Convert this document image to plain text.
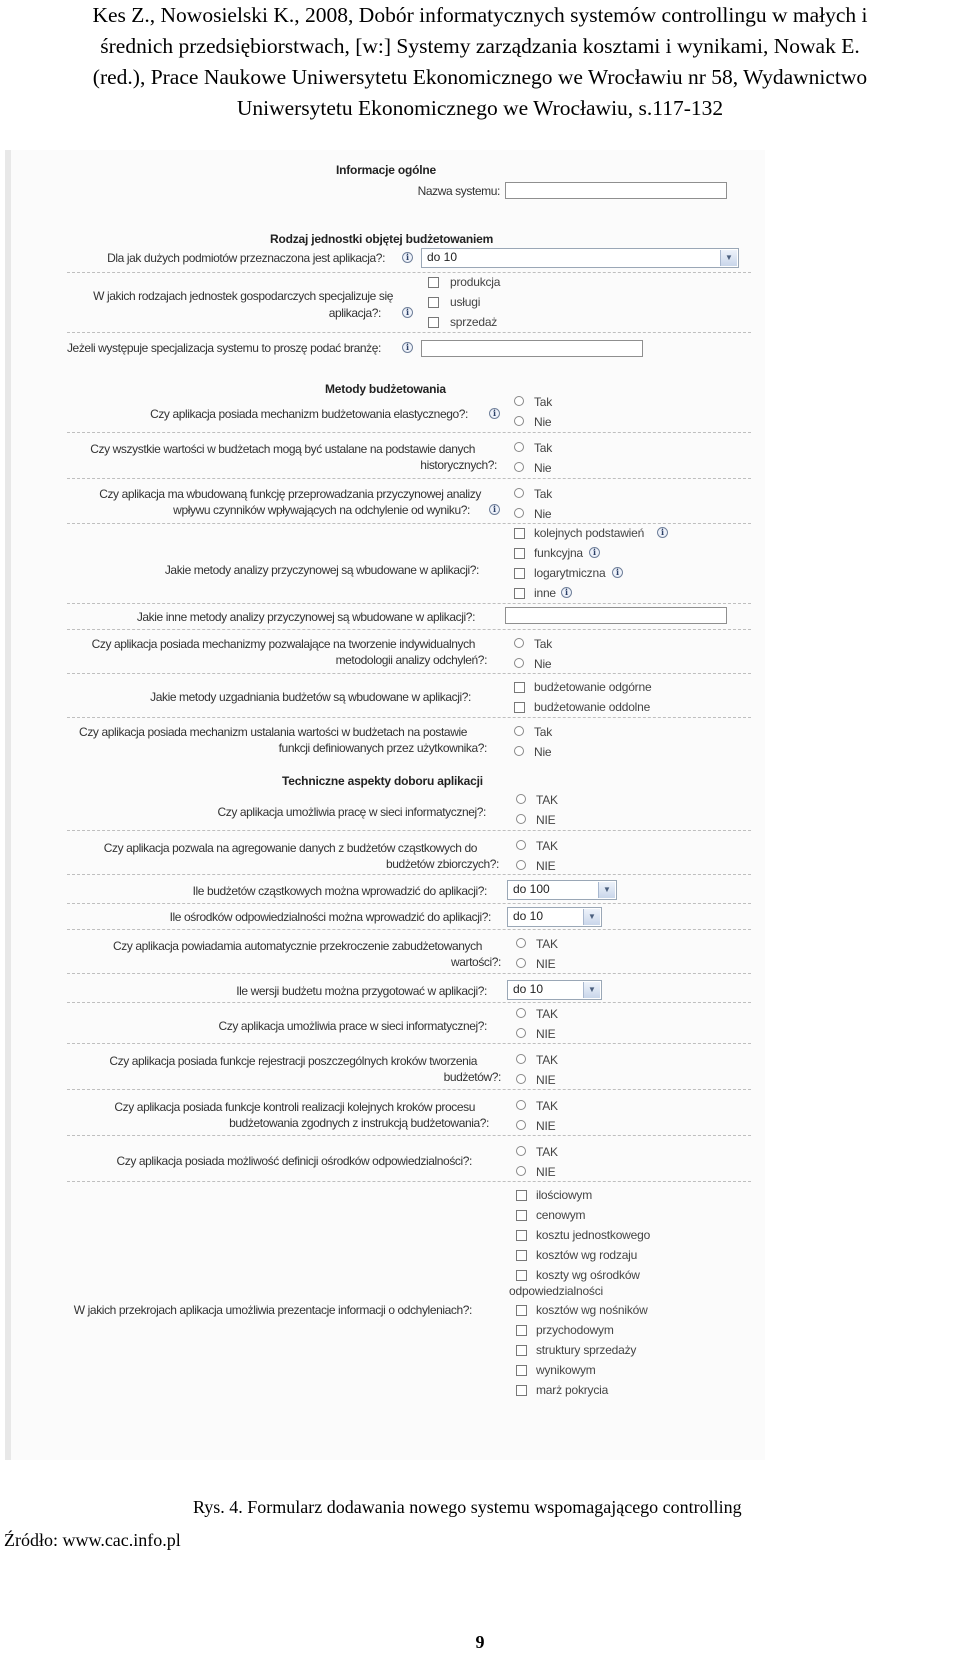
Kes Z., Nowosielski K., 2008, Dobór informatycznych systemów controllingu w małych i
średnich przedsiębiorstwach, [w:] Systemy zarządzania kosztami i wynikami, Nowak E.
(red.), Prace Naukowe Uniwersytetu Ekonomicznego we Wrocławiu nr 58, Wydawnictwo
Uniwersytetu Ekonomicznego we Wrocławiu, s.117-132
Informacje ogólne
Nazwa systemu:
Rodzaj jednostki objętej budżetowaniem
Dla jak dużych podmiotów przeznaczona jest aplikacja?:	i	do 10	▼
W jakich rodzajach jednostek gospodarczych specjalizuje się
aplikacja?:	i
produkcja
usługi
sprzedaż
Jeżeli występuje specjalizacja systemu to proszę podać branżę:	i
Metody budżetowania
Czy aplikacja posiada mechanizm budżetowania elastycznego?:	i
Tak
Nie
Czy wszystkie wartości w budżetach mogą być ustalane na podstawie danych
historycznych?:
Tak
Nie
Czy aplikacja ma wbudowaną funkcję przeprowadzania przyczynowej analizy
wpływu czynników wpływających na odchylenie od wyniku?:	i
Tak
Nie
Jakie metody analizy przyczynowej są wbudowane w aplikacji?:
kolejnych podstawień	i
funkcyjna	i
logarytmiczna	i
inne	i
Jakie inne metody analizy przyczynowej są wbudowane w aplikacji?:
Czy aplikacja posiada mechanizmy pozwalające na tworzenie indywidualnych
metodologii analizy odchyleń?:
Tak
Nie
Jakie metody uzgadniania budżetów są wbudowane w aplikacji?:
budżetowanie odgórne
budżetowanie oddolne
Czy aplikacja posiada mechanizm ustalania wartości w budżetach na postawie
funkcji definiowanych przez użytkownika?:
Tak
Nie
Techniczne aspekty doboru aplikacji
Czy aplikacja umożliwia pracę w sieci informatycznej?:
TAK
NIE
Czy aplikacja pozwala na agregowanie danych z budżetów cząstkowych do
budżetów zbiorczych?:
TAK
NIE
Ile budżetów cząstkowych można wprowadzić do aplikacji?:	do 100	▼
Ile ośrodków odpowiedzialności można wprowadzić do aplikacji?:	do 10	▼
Czy aplikacja powiadamia automatycznie przekroczenie zabudżetowanych
wartości?:
TAK
NIE
Ile wersji budżetu można przygotować w aplikacji?:	do 10	▼
Czy aplikacja umożliwia prace w sieci informatycznej?:
TAK
NIE
Czy aplikacja posiada funkcje rejestracji poszczególnych kroków tworzenia
budżetów?:
TAK
NIE
Czy aplikacja posiada funkcje kontroli realizacji kolejnych kroków procesu
budżetowania zgodnych z instrukcją budżetowania?:
TAK
NIE
Czy aplikacja posiada możliwość definicji ośrodków odpowiedzialności?:
TAK
NIE
W jakich przekrojach aplikacja umożliwia prezentacje informacji o odchyleniach?:
ilościowym
cenowym
kosztu jednostkowego
kosztów wg rodzaju
koszty wg ośrodków
odpowiedzialności
kosztów wg nośników
przychodowym
struktury sprzedaży
wynikowym
marż pokrycia
Rys. 4. Formularz dodawania nowego systemu wspomagającego controlling
Źródło: www.cac.info.pl
9
